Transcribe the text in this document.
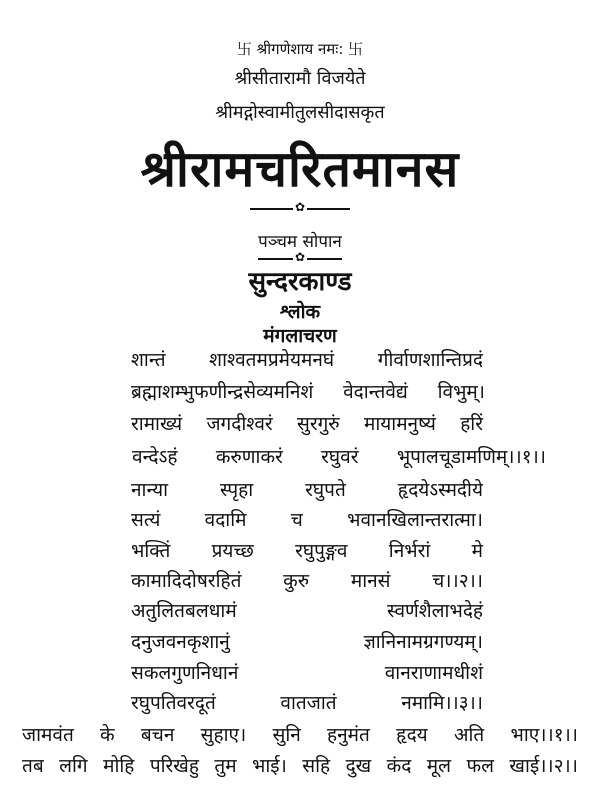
卐 श्रीगणेशाय नमः: 卐
श्रीसीतारामौ विजयेते
श्रीमद्गोस्वामीतुलसीदासकृत
श्रीरामचरितमानस
✿
पञ्चम सोपान
✿
सुन्दरकाण्ड
श्लोक
मंगलाचरण
शान्तं शाश्वतमप्रमेयमनघं गीर्वाणशान्तिप्रदं
ब्रह्माशम्भुफणीन्द्रसेव्यमनिशं वेदान्तवेद्यं विभुम्।
रामाख्यं जगदीश्वरं सुरगुरुं मायामनुष्यं हरिं
वन्देऽहं करुणाकरं रघुवरं भूपालचूडामणिम्।।१।।
नान्या	स्पृहा	रघुपते	हृदयेऽस्मदीये
सत्यं वदामि च भवानखिलान्तरात्मा।
भक्तिं प्रयच्छ रघुपुङ्गव निर्भरां मे
कामादिदोषरहितं कुरु मानसं च।।२।।
अतुलितबलधामं	स्वर्णशैलाभदेहं
दनुजवनकृशानुं	ज्ञानिनामग्रगण्यम्।
सकलगुणनिधानं	वानराणामधीशं
रघुपतिवरदूतं	वातजातं	नमामि।।३।।
जामवंत के बचन सुहाए। सुनि हनुमंत हृदय अति भाए।।१।।
तब लगि मोहि परिखेहु तुम भाई। सहि दुख कंद मूल फल खाई।।२।।
